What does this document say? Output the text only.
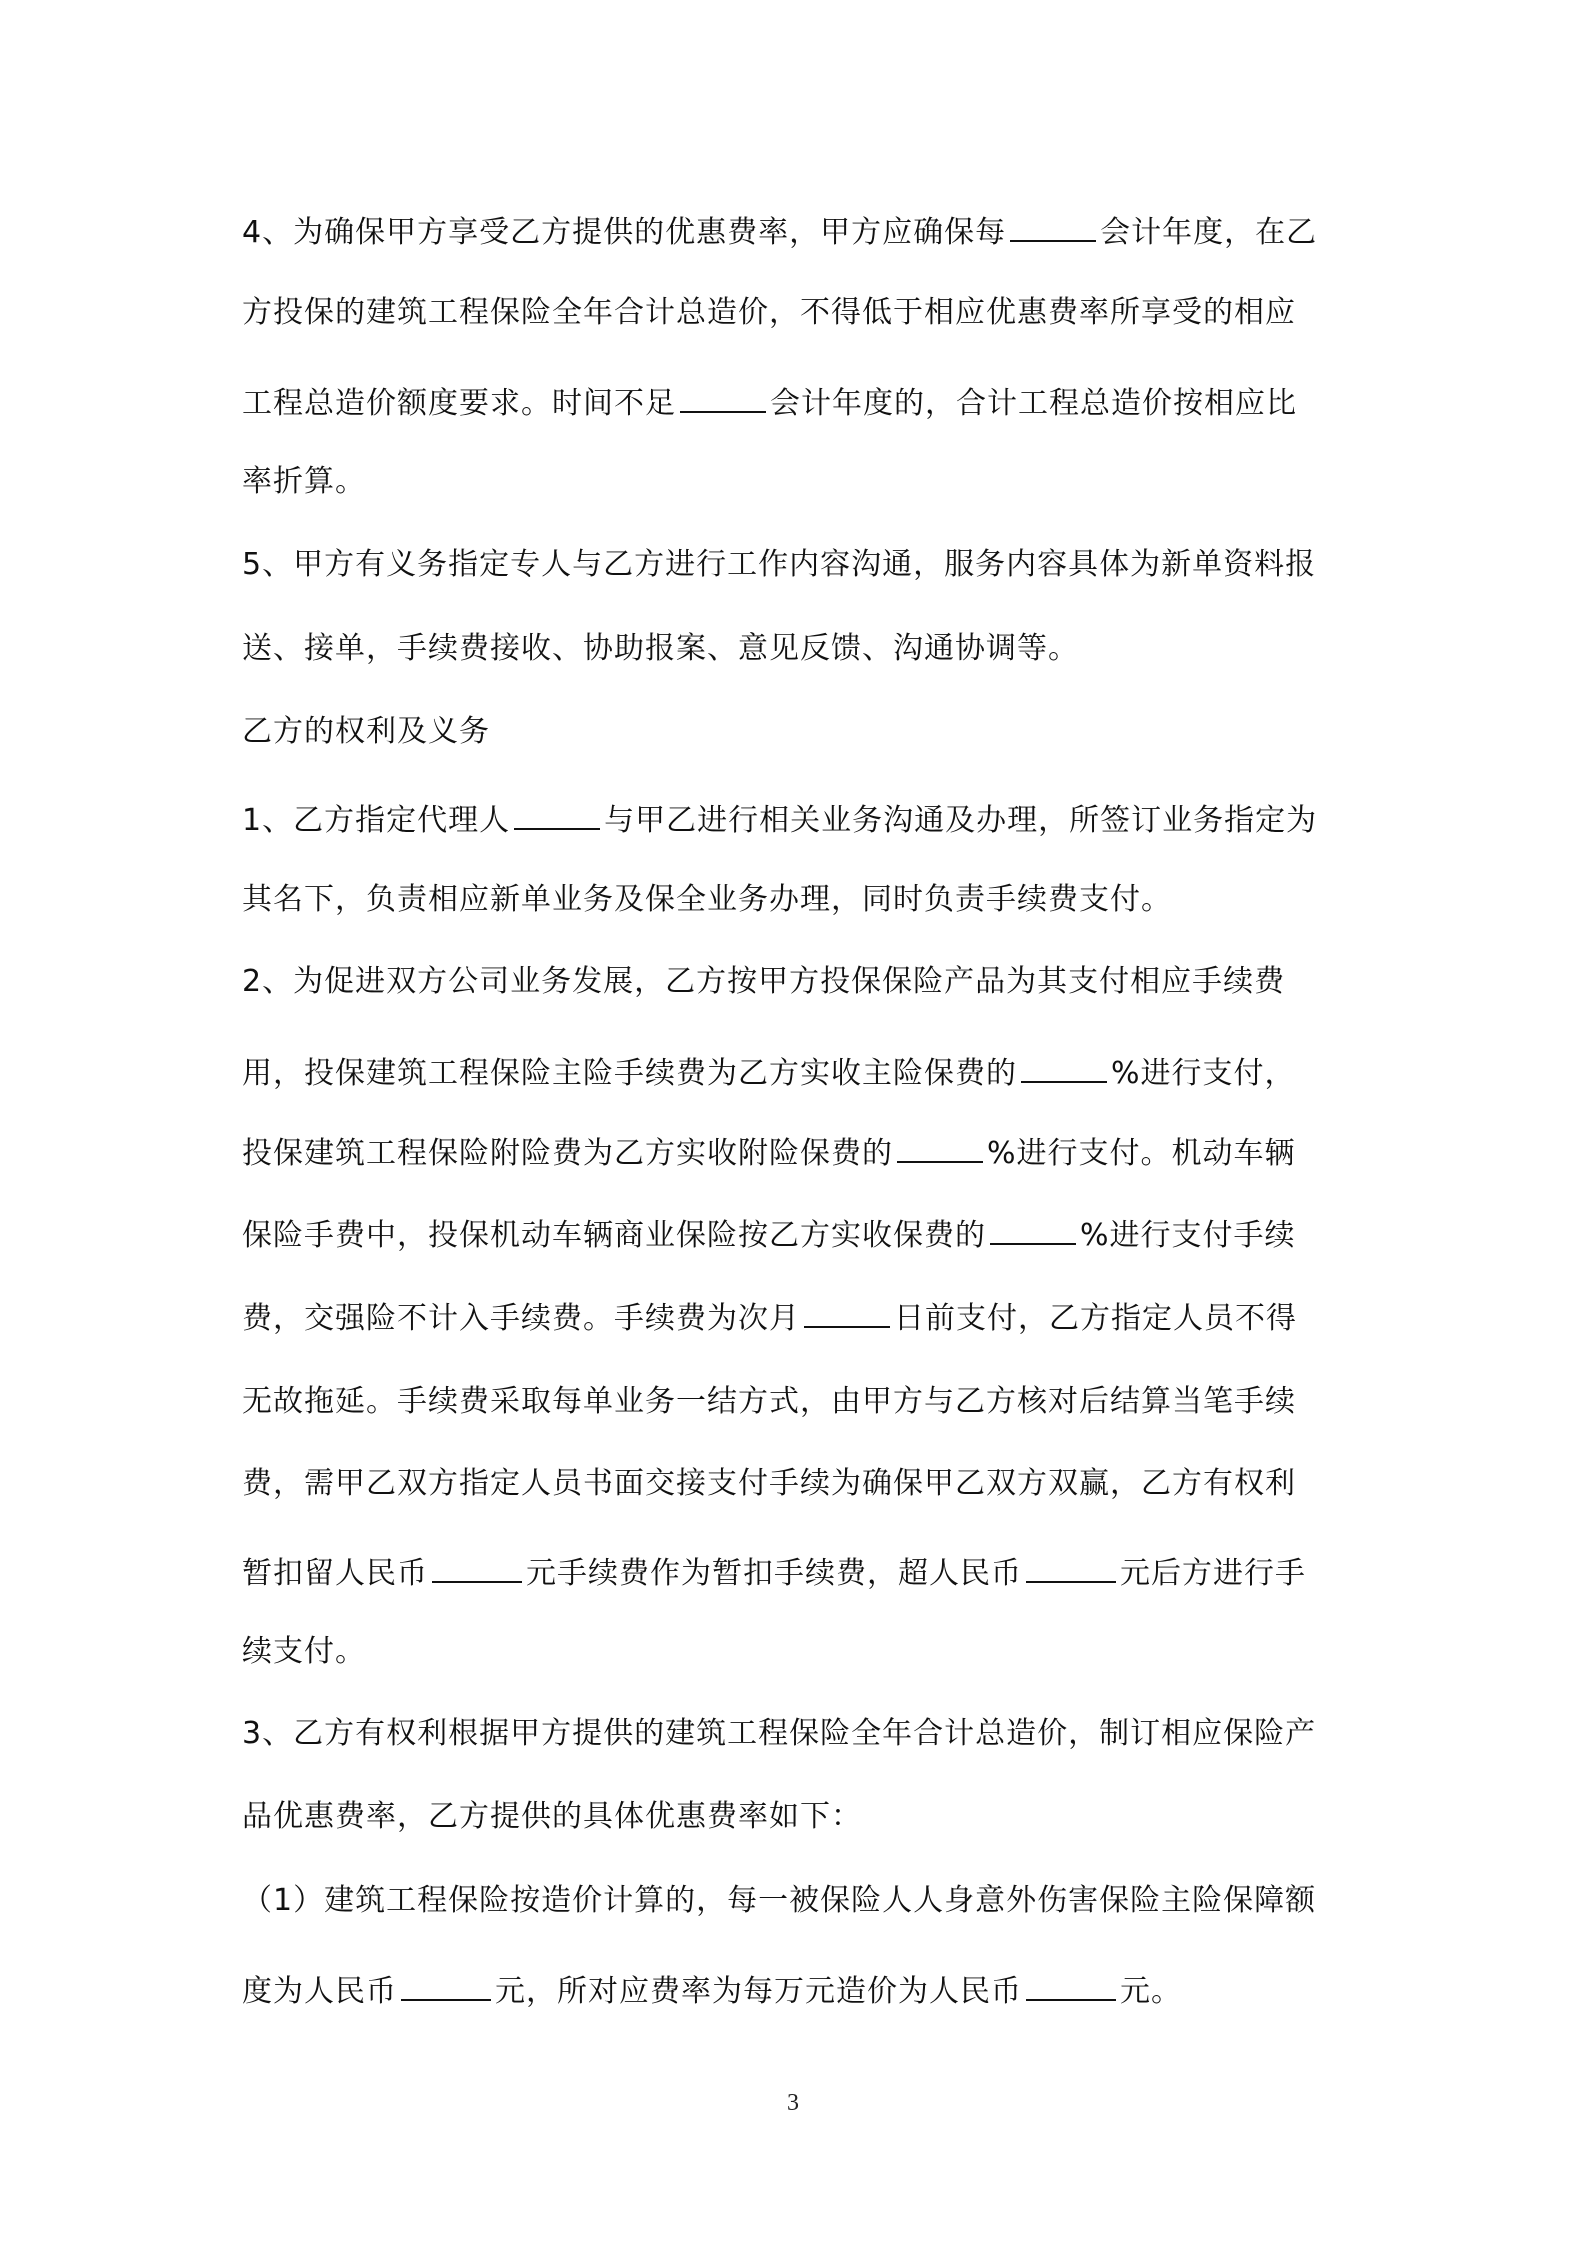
4、为确保甲方享受乙方提供的优惠费率，甲方应确保每	会计年度，在乙
方投保的建筑工程保险全年合计总造价，不得低于相应优惠费率所享受的相应
工程总造价额度要求。时间不足	会计年度的，合计工程总造价按相应比
率折算。
5、甲方有义务指定专人与乙方进行工作内容沟通，服务内容具体为新单资料报
送、接单，手续费接收、协助报案、意见反馈、沟通协调等。
乙方的权利及义务
1、乙方指定代理人	与甲乙进行相关业务沟通及办理，所签订业务指定为
其名下，负责相应新单业务及保全业务办理，同时负责手续费支付。
2、为促进双方公司业务发展，乙方按甲方投保保险产品为其支付相应手续费
用，投保建筑工程保险主险手续费为乙方实收主险保费的	%进行支付，
投保建筑工程保险附险费为乙方实收附险保费的	%进行支付。机动车辆
保险手费中，投保机动车辆商业保险按乙方实收保费的	%进行支付手续
费，交强险不计入手续费。手续费为次月	日前支付，乙方指定人员不得
无故拖延。手续费采取每单业务一结方式，由甲方与乙方核对后结算当笔手续
费，需甲乙双方指定人员书面交接支付手续为确保甲乙双方双赢，乙方有权利
暂扣留人民币	元手续费作为暂扣手续费，超人民币	元后方进行手
续支付。
3、乙方有权利根据甲方提供的建筑工程保险全年合计总造价，制订相应保险产
品优惠费率，乙方提供的具体优惠费率如下：
（1）建筑工程保险按造价计算的，每一被保险人人身意外伤害保险主险保障额
度为人民币	元，所对应费率为每万元造价为人民币	元。
3
